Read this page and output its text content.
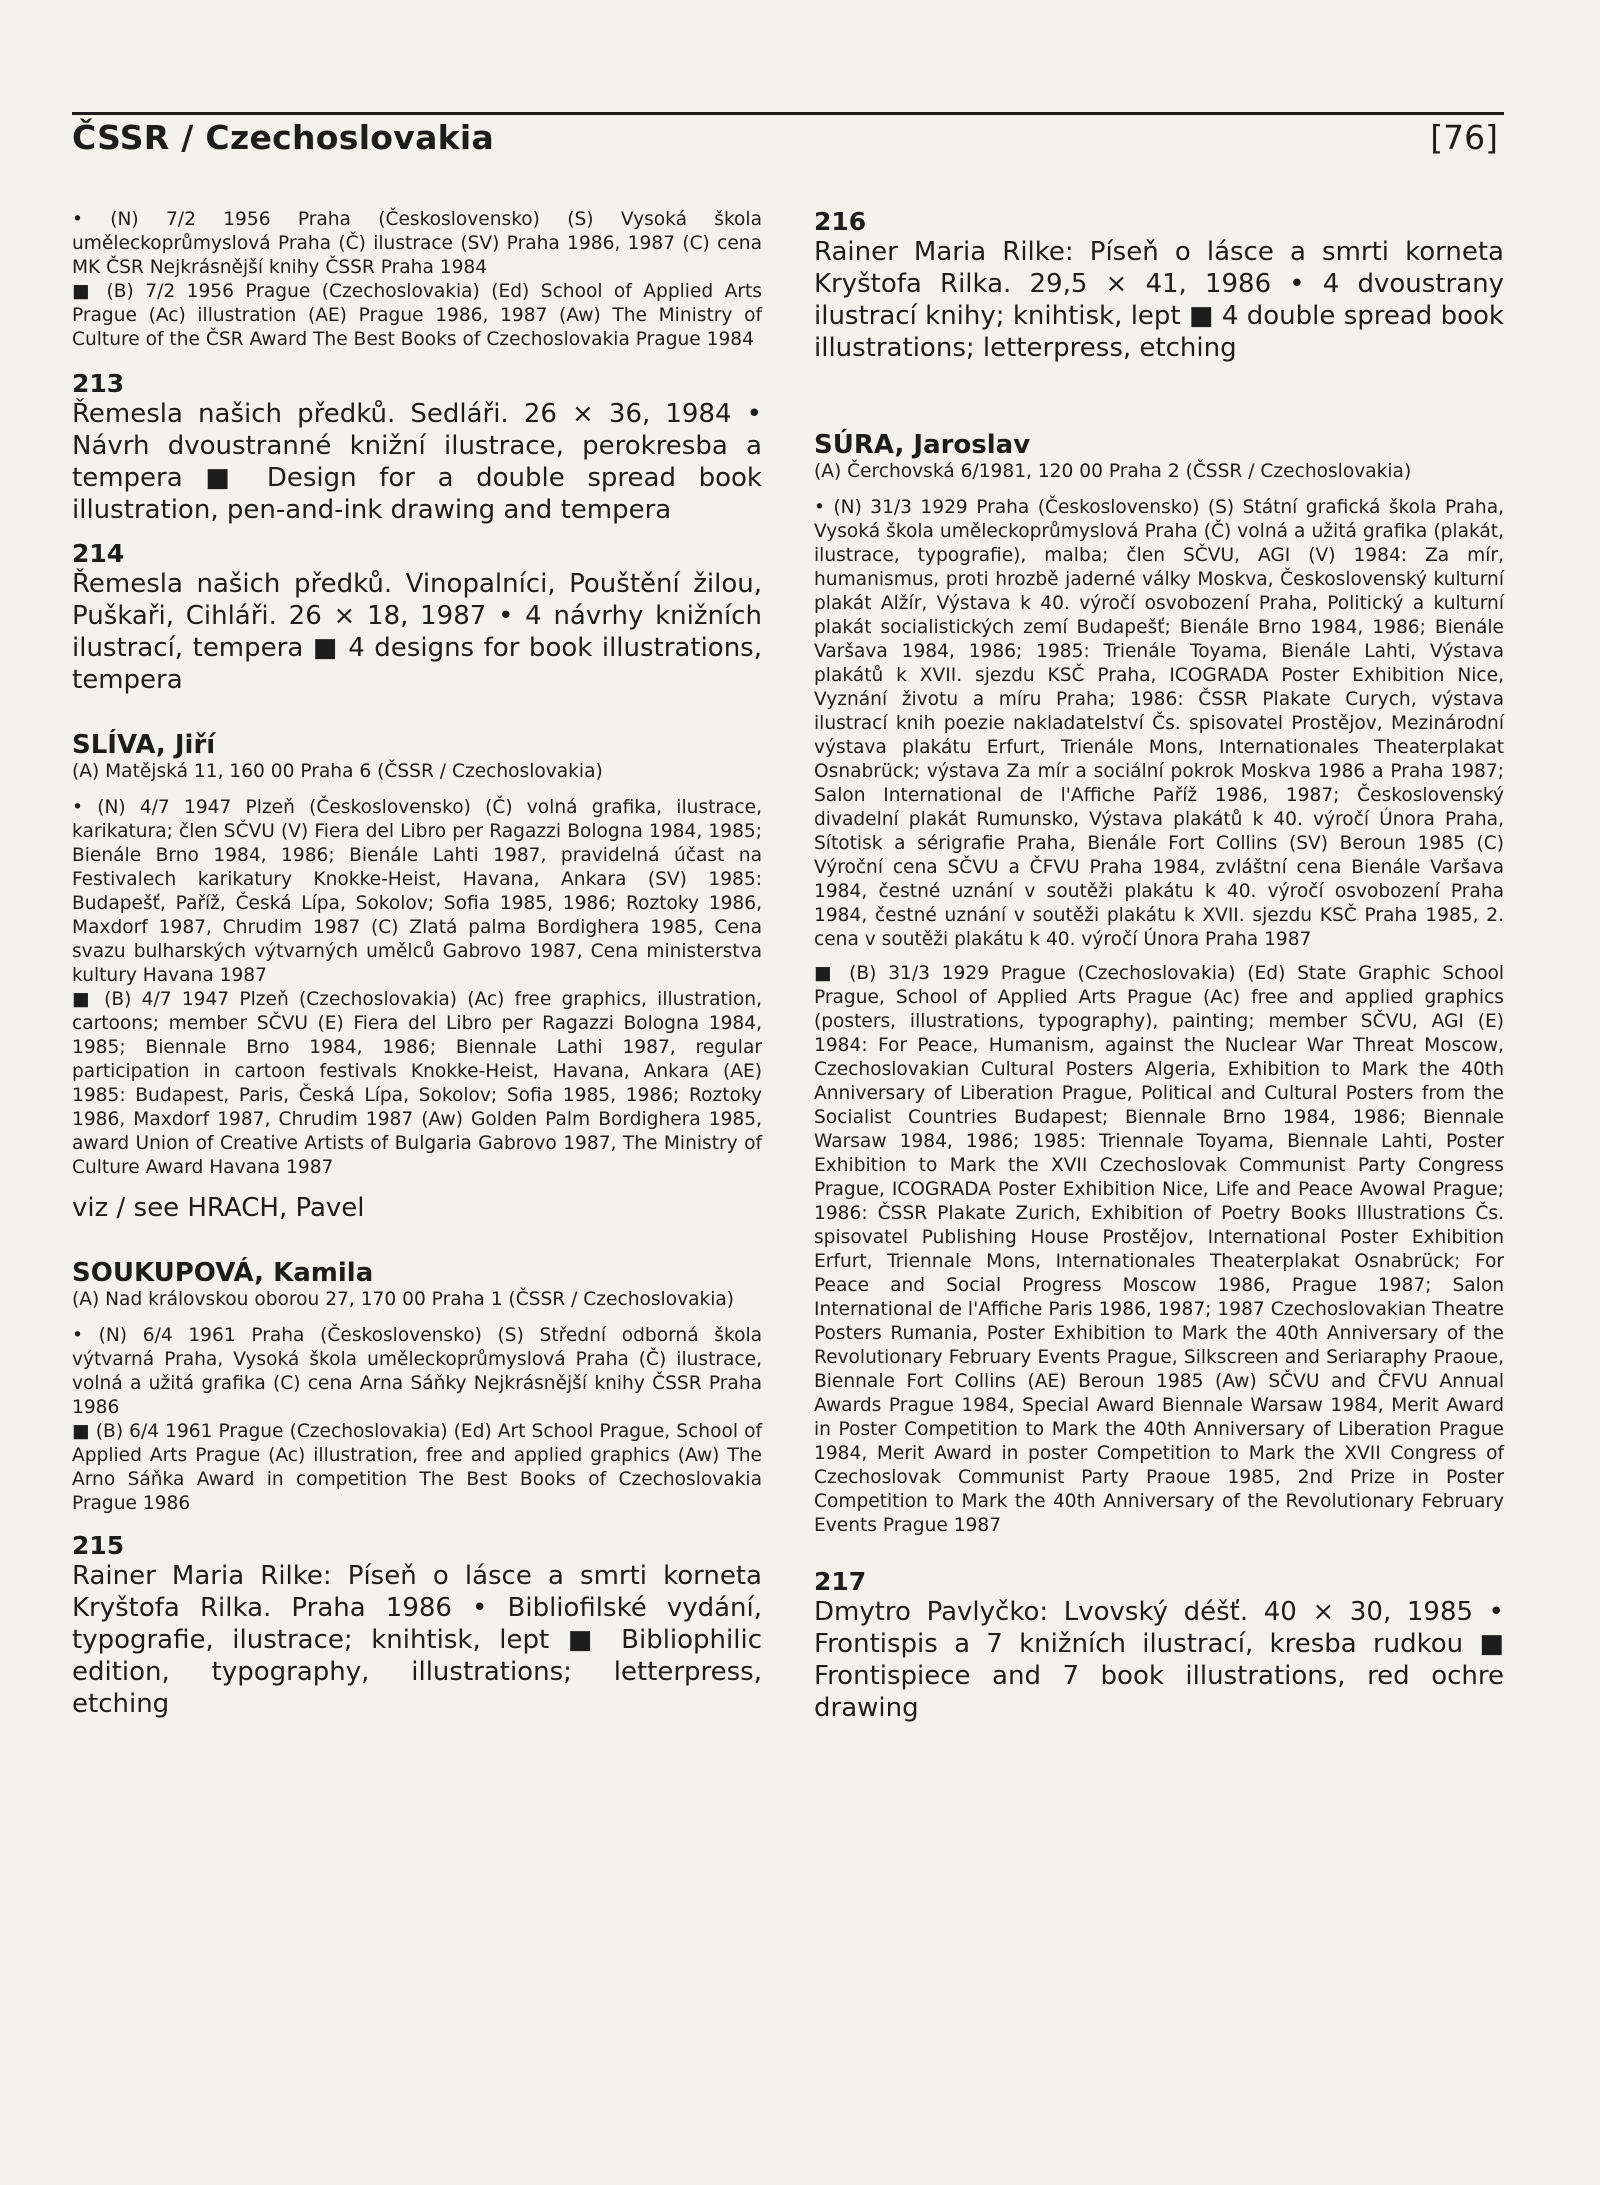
ČSSR / Czechoslovakia	[76]

• (N) 7/2 1956 Praha (Československo) (S) Vysoká škola uměleckoprůmyslová Praha (Č) ilustrace (SV) Praha 1986, 1987 (C) cena MK ČSR Nejkrásnější knihy ČSSR Praha 1984

■ (B) 7/2 1956 Prague (Czechoslovakia) (Ed) School of Applied Arts Prague (Ac) illustration (AE) Prague 1986, 1987 (Aw) The Ministry of Culture of the ČSR Award The Best Books of Czechoslovakia Prague 1984

213

Řemesla našich předků. Sedláři. 26 × 36, 1984 • Návrh dvoustranné knižní ilustrace, perokresba a tempera ■ Design for a double spread book illustration, pen-and-ink drawing and tempera

214

Řemesla našich předků. Vinopalníci, Pouštění žilou, Puškaři, Cihláři. 26 × 18, 1987 • 4 návrhy knižních ilustrací, tempera ■ 4 designs for book illustrations, tempera

SLÍVA, Jiří

(A) Matějská 11, 160 00 Praha 6 (ČSSR / Czechoslovakia)

• (N) 4/7 1947 Plzeň (Československo) (Č) volná grafika, ilustrace, karikatura; člen SČVU (V) Fiera del Libro per Ragazzi Bologna 1984, 1985; Bienále Brno 1984, 1986; Bienále Lahti 1987, pravidelná účast na Festivalech karikatury Knokke-Heist, Havana, Ankara (SV) 1985: Budapešť, Paříž, Česká Lípa, Sokolov; Sofia 1985, 1986; Roztoky 1986, Maxdorf 1987, Chrudim 1987 (C) Zlatá palma Bordighera 1985, Cena svazu bulharských výtvarných umělců Gabrovo 1987, Cena ministerstva kultury Havana 1987

■ (B) 4/7 1947 Plzeň (Czechoslovakia) (Ac) free graphics, illustration, cartoons; member SČVU (E) Fiera del Libro per Ragazzi Bologna 1984, 1985; Biennale Brno 1984, 1986; Biennale Lathi 1987, regular participation in cartoon festivals Knokke-Heist, Havana, Ankara (AE) 1985: Budapest, Paris, Česká Lípa, Sokolov; Sofia 1985, 1986; Roztoky 1986, Maxdorf 1987, Chrudim 1987 (Aw) Golden Palm Bordighera 1985, award Union of Creative Artists of Bulgaria Gabrovo 1987, The Ministry of Culture Award Havana 1987

viz / see HRACH, Pavel

SOUKUPOVÁ, Kamila

(A) Nad královskou oborou 27, 170 00 Praha 1 (ČSSR / Czechoslovakia)

• (N) 6/4 1961 Praha (Československo) (S) Střední odborná škola výtvarná Praha, Vysoká škola uměleckoprůmyslová Praha (Č) ilustrace, volná a užitá grafika (C) cena Arna Sáňky Nejkrásnější knihy ČSSR Praha 1986

■ (B) 6/4 1961 Prague (Czechoslovakia) (Ed) Art School Prague, School of Applied Arts Prague (Ac) illustration, free and applied graphics (Aw) The Arno Sáňka Award in competition The Best Books of Czechoslovakia Prague 1986

215

Rainer Maria Rilke: Píseň o lásce a smrti korneta Kryštofa Rilka. Praha 1986 • Bibliofilské vydání, typografie, ilustrace; knihtisk, lept ■ Bibliophilic edition, typography, illustrations; letterpress, etching

216

Rainer Maria Rilke: Píseň o lásce a smrti korneta Kryštofa Rilka. 29,5 × 41, 1986 • 4 dvoustrany ilustrací knihy; knihtisk, lept ■ 4 double spread book illustrations; letterpress, etching

SÚRA, Jaroslav

(A) Čerchovská 6/1981, 120 00 Praha 2 (ČSSR / Czechoslovakia)

• (N) 31/3 1929 Praha (Československo) (S) Státní grafická škola Praha, Vysoká škola uměleckoprůmyslová Praha (Č) volná a užitá grafika (plakát, ilustrace, typografie), malba; člen SČVU, AGI (V) 1984: Za mír, humanismus, proti hrozbě jaderné války Moskva, Československý kulturní plakát Alžír, Výstava k 40. výročí osvobození Praha, Politický a kulturní plakát socialistických zemí Budapešť; Bienále Brno 1984, 1986; Bienále Varšava 1984, 1986; 1985: Trienále Toyama, Bienále Lahti, Výstava plakátů k XVII. sjezdu KSČ Praha, ICOGRADA Poster Exhibition Nice, Vyznání životu a míru Praha; 1986: ČSSR Plakate Curych, výstava ilustrací knih poezie nakladatelství Čs. spisovatel Prostějov, Mezinárodní výstava plakátu Erfurt, Trienále Mons, Internationales Theaterplakat Osnabrück; výstava Za mír a sociální pokrok Moskva 1986 a Praha 1987; Salon International de l'Affiche Paříž 1986, 1987; Československý divadelní plakát Rumunsko, Výstava plakátů k 40. výročí Února Praha, Sítotisk a sérigrafie Praha, Bienále Fort Collins (SV) Beroun 1985 (C) Výroční cena SČVU a ČFVU Praha 1984, zvláštní cena Bienále Varšava 1984, čestné uznání v soutěži plakátu k 40. výročí osvobození Praha 1984, čestné uznání v soutěži plakátu k XVII. sjezdu KSČ Praha 1985, 2. cena v soutěži plakátu k 40. výročí Února Praha 1987

■ (B) 31/3 1929 Prague (Czechoslovakia) (Ed) State Graphic School Prague, School of Applied Arts Prague (Ac) free and applied graphics (posters, illustrations, typography), painting; member SČVU, AGI (E) 1984: For Peace, Humanism, against the Nuclear War Threat Moscow, Czechoslovakian Cultural Posters Algeria, Exhibition to Mark the 40th Anniversary of Liberation Prague, Political and Cultural Posters from the Socialist Countries Budapest; Biennale Brno 1984, 1986; Biennale Warsaw 1984, 1986; 1985: Triennale Toyama, Biennale Lahti, Poster Exhibition to Mark the XVII Czechoslovak Communist Party Congress Prague, ICOGRADA Poster Exhibition Nice, Life and Peace Avowal Prague; 1986: ČSSR Plakate Zurich, Exhibition of Poetry Books Illustrations Čs. spisovatel Publishing House Prostějov, International Poster Exhibition Erfurt, Triennale Mons, Internationales Theaterplakat Osnabrück; For Peace and Social Progress Moscow 1986, Prague 1987; Salon International de l'Affiche Paris 1986, 1987; 1987 Czechoslovakian Theatre Posters Rumania, Poster Exhibition to Mark the 40th Anniversary of the Revolutionary February Events Prague, Silkscreen and Seriaraphy Praoue, Biennale Fort Collins (AE) Beroun 1985 (Aw) SČVU and ČFVU Annual Awards Prague 1984, Special Award Biennale Warsaw 1984, Merit Award in Poster Competition to Mark the 40th Anniversary of Liberation Prague 1984, Merit Award in poster Competition to Mark the XVII Congress of Czechoslovak Communist Party Praoue 1985, 2nd Prize in Poster Competition to Mark the 40th Anniversary of the Revolutionary February Events Prague 1987

217

Dmytro Pavlyčko: Lvovský déšť. 40 × 30, 1985 • Frontispis a 7 knižních ilustrací, kresba rudkou ■ Frontispiece and 7 book illustrations, red ochre drawing
